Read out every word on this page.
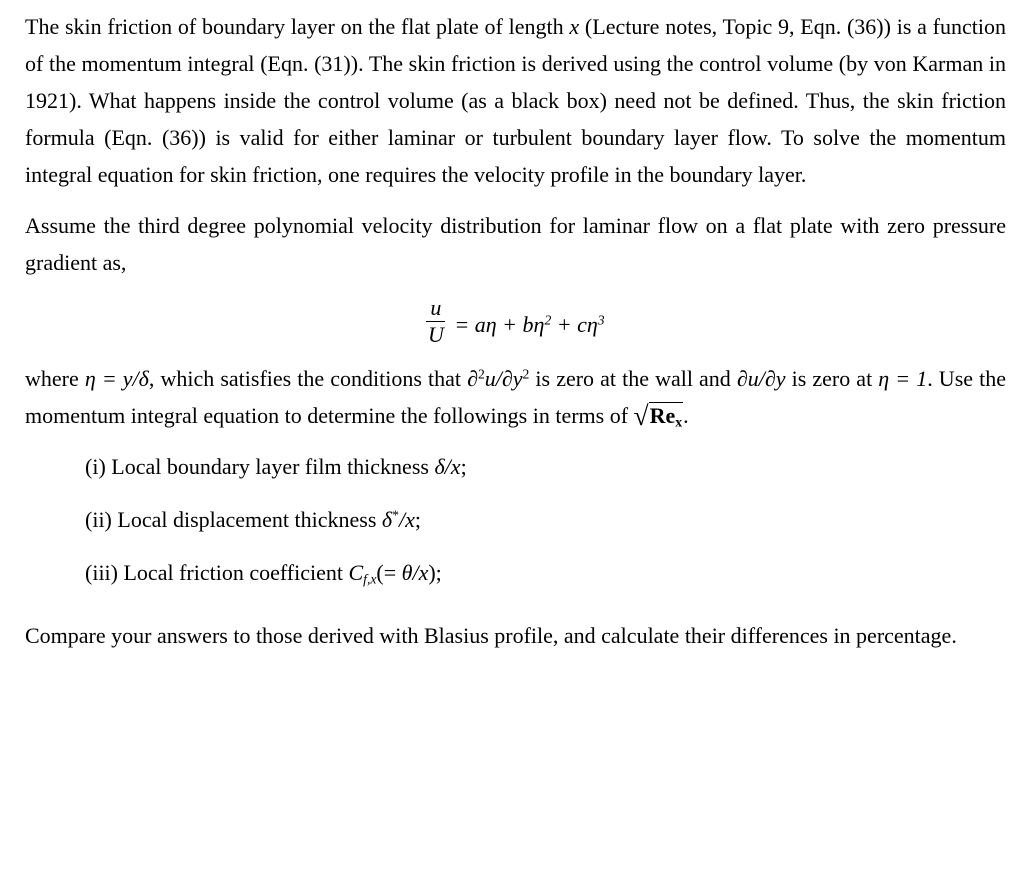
The skin friction of boundary layer on the flat plate of length x (Lecture notes, Topic 9, Eqn. (36)) is a function of the momentum integral (Eqn. (31)). The skin friction is derived using the control volume (by von Karman in 1921). What happens inside the control volume (as a black box) need not be defined. Thus, the skin friction formula (Eqn. (36)) is valid for either laminar or turbulent boundary layer flow. To solve the momentum integral equation for skin friction, one requires the velocity profile in the boundary layer.

Assume the third degree polynomial velocity distribution for laminar flow on a flat plate with zero pressure gradient as,

$\frac{u}{U} = a\eta + b\eta^2 + c\eta^3$

where η = y/δ, which satisfies the conditions that $\partial^2u/\partial y^2$ is zero at the wall and ∂u/∂y is zero at η = 1. Use the momentum integral equation to determine the followings in terms of $√Re_x$.

(i) Local boundary layer film thickness δ/x;
(ii) Local displacement thickness δ*/x;
(iii) Local friction coefficient $C_{f,x}(= \theta/x)$;

Compare your answers to those derived with Blasius profile, and calculate their differences in percentage.
